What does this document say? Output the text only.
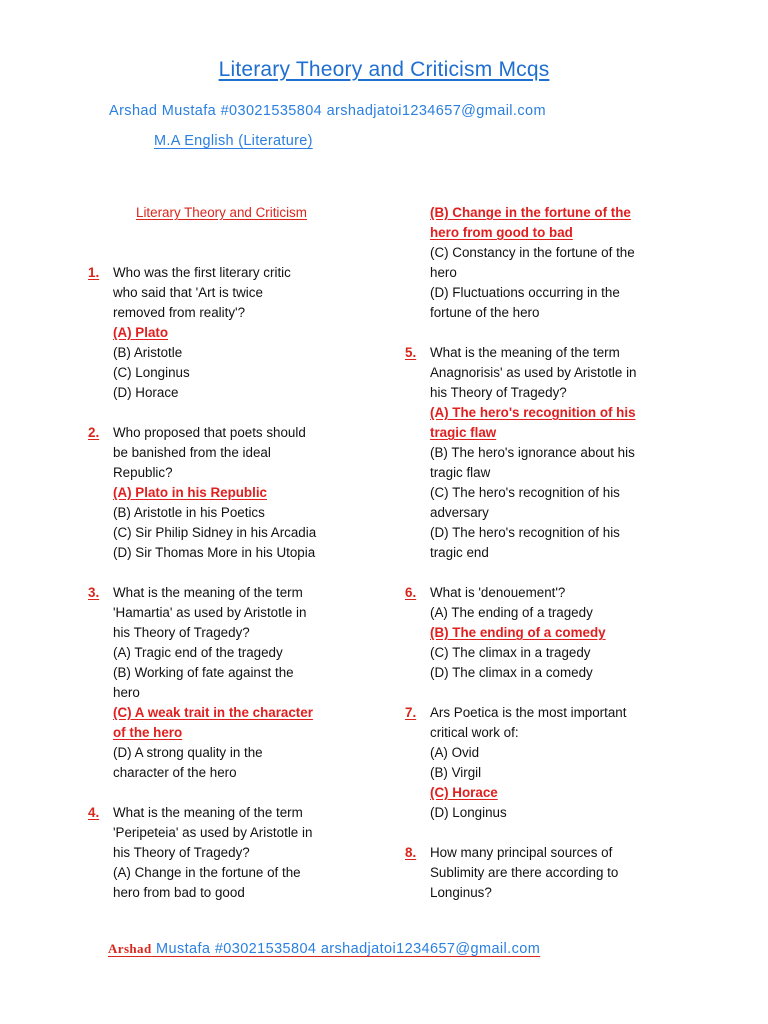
Literary Theory and Criticism Mcqs
Arshad Mustafa #03021535804 arshadjatoi1234657@gmail.com
M.A English (Literature)
Literary Theory and Criticism
1.	Who was the first literary critic
who said that 'Art is twice
removed from reality'?
(A) Plato
(B) Aristotle
(C) Longinus
(D) Horace
2.	Who proposed that poets should
be banished from the ideal
Republic?
(A) Plato in his Republic
(B) Aristotle in his Poetics
(C) Sir Philip Sidney in his Arcadia
(D) Sir Thomas More in his Utopia
3.	What is the meaning of the term
'Hamartia' as used by Aristotle in
his Theory of Tragedy?
(A) Tragic end of the tragedy
(B) Working of fate against the
hero
(C) A weak trait in the character
of the hero
(D) A strong quality in the
character of the hero
4.	What is the meaning of the term
'Peripeteia' as used by Aristotle in
his Theory of Tragedy?
(A) Change in the fortune of the
hero from bad to good
(B) Change in the fortune of the
hero from good to bad
(C) Constancy in the fortune of the
hero
(D) Fluctuations occurring in the
fortune of the hero
5.	What is the meaning of the term
Anagnorisis' as used by Aristotle in
his Theory of Tragedy?
(A) The hero's recognition of his
tragic flaw
(B) The hero's ignorance about his
tragic flaw
(C) The hero's recognition of his
adversary
(D) The hero's recognition of his
tragic end
6.	What is 'denouement'?
(A) The ending of a tragedy
(B) The ending of a comedy
(C) The climax in a tragedy
(D) The climax in a comedy
7.	Ars Poetica is the most important
critical work of:
(A) Ovid
(B) Virgil
(C) Horace
(D) Longinus
8.	How many principal sources of
Sublimity are there according to
Longinus?
Arshad Mustafa #03021535804 arshadjatoi1234657@gmail.com
